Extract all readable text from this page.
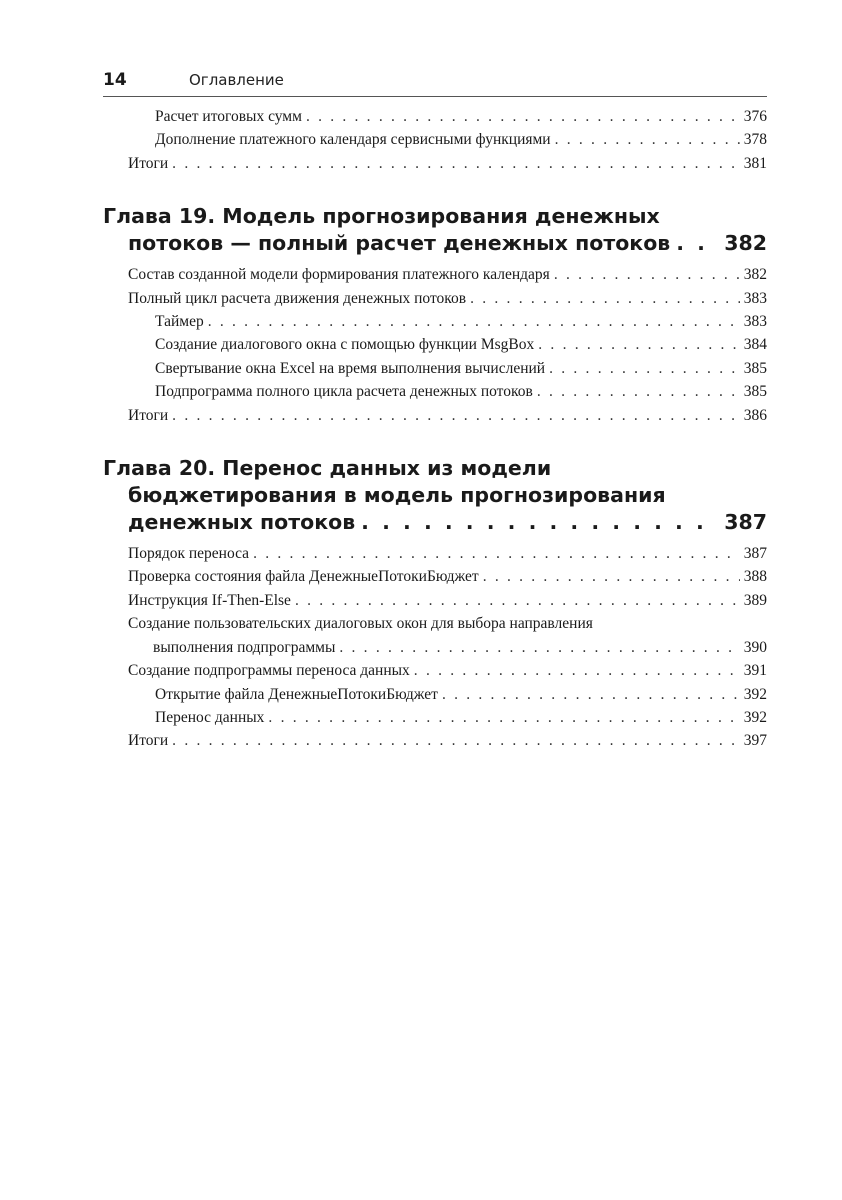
14	Оглавление
Расчет итоговых сумм . . .	376
Дополнение платежного календаря сервисными функциями . . .	378
Итоги . . .	381
Глава 19. Модель прогнозирования денежных
потоков — полный расчет денежных потоков . . .	382
Состав созданной модели формирования платежного календаря . . .	382
Полный цикл расчета движения денежных потоков . . .	383
Таймер . . .	383
Создание диалогового окна с помощью функции MsgBox . . .	384
Свертывание окна Excel на время выполнения вычислений . . .	385
Подпрограмма полного цикла расчета денежных потоков . . .	385
Итоги . . .	386
Глава 20. Перенос данных из модели
бюджетирования в модель прогнозирования
денежных потоков . . .	387
Порядок переноса . . .	387
Проверка состояния файла ДенежныеПотокиБюджет . . .	388
Инструкция If-Then-Else . . .	389
Создание пользовательских диалоговых окон для выбора направления
выполнения подпрограммы . . .	390
Создание подпрограммы переноса данных . . .	391
Открытие файла ДенежныеПотокиБюджет . . .	392
Перенос данных . . .	392
Итоги . . .	397
